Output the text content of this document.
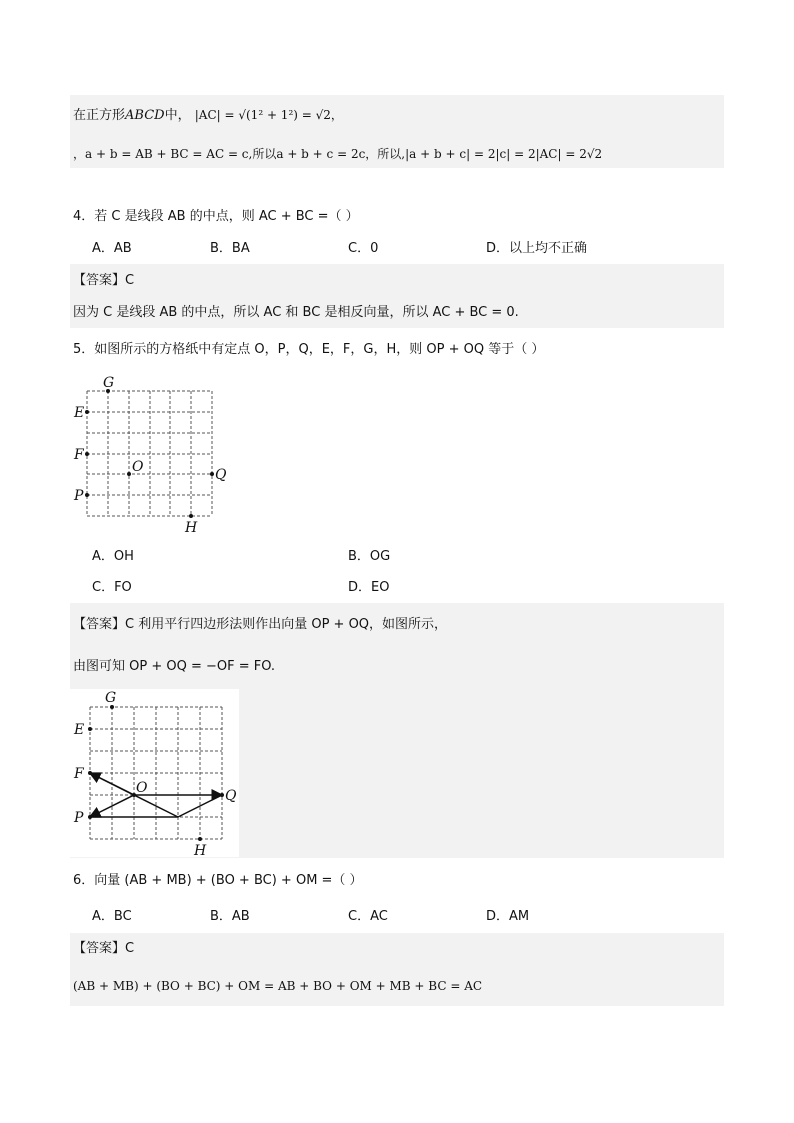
在正方形ABCD中， |AC| = √(1² + 1²) = √2，
，a + b = AB + BC = AC = c,所以a + b + c = 2c，所以,|a + b + c| = 2|c| = 2|AC| = 2√2
4．若 C 是线段 AB 的中点，则 AC + BC =（ ）
A．AB	B．BA	C．0	D．以上均不正确
【答案】C
因为 C 是线段 AB 的中点，所以 AC 和 BC 是相反向量，所以 AC + BC = 0.
5．如图所示的方格纸中有定点 O，P，Q，E，F，G，H，则 OP + OQ 等于（ ）
G
E
F
O	Q
P
H
A．OH	B．OG
C．FO	D．EO
【答案】C 利用平行四边形法则作出向量 OP + OQ，如图所示，
由图可知 OP + OQ = −OF = FO.
G
E
F
O	Q
P
H
6．向量 (AB + MB) + (BO + BC) + OM =（ ）
A．BC	B．AB	C．AC	D．AM
【答案】C
(AB + MB) + (BO + BC) + OM = AB + BO + OM + MB + BC = AC
